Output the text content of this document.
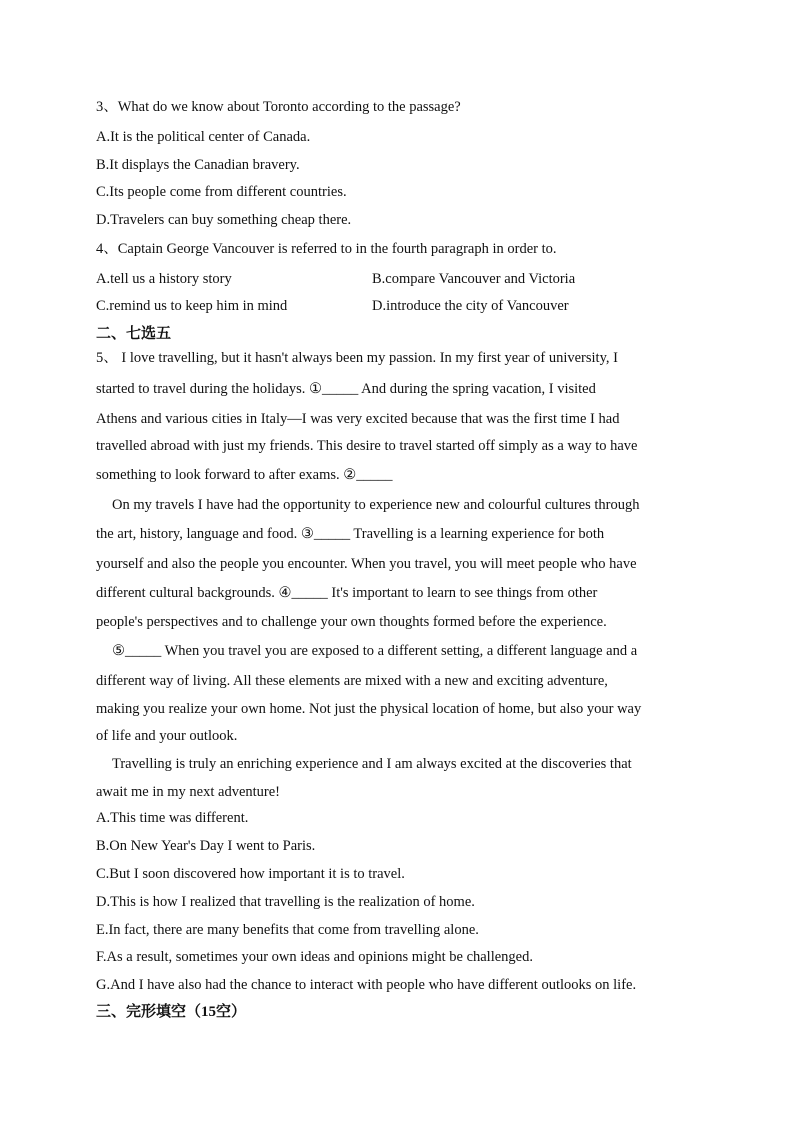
3、What do we know about Toronto according to the passage?
A.It is the political center of Canada.
B.It displays the Canadian bravery.
C.Its people come from different countries.
D.Travelers can buy something cheap there.
4、Captain George Vancouver is referred to in the fourth paragraph in order to.
A.tell us a history story	B.compare Vancouver and Victoria
C.remind us to keep him in mind	D.introduce the city of Vancouver
二、七选五
5、 I love travelling, but it hasn't always been my passion. In my first year of university, I
started to travel during the holidays. ①_____ And during the spring vacation, I visited
Athens and various cities in Italy—I was very excited because that was the first time I had
travelled abroad with just my friends. This desire to travel started off simply as a way to have
something to look forward to after exams. ②_____
On my travels I have had the opportunity to experience new and colourful cultures through
the art, history, language and food. ③_____ Travelling is a learning experience for both
yourself and also the people you encounter. When you travel, you will meet people who have
different cultural backgrounds. ④_____ It's important to learn to see things from other
people's perspectives and to challenge your own thoughts formed before the experience.
⑤_____ When you travel you are exposed to a different setting, a different language and a
different way of living. All these elements are mixed with a new and exciting adventure,
making you realize your own home. Not just the physical location of home, but also your way
of life and your outlook.
Travelling is truly an enriching experience and I am always excited at the discoveries that
await me in my next adventure!
A.This time was different.
B.On New Year's Day I went to Paris.
C.But I soon discovered how important it is to travel.
D.This is how I realized that travelling is the realization of home.
E.In fact, there are many benefits that come from travelling alone.
F.As a result, sometimes your own ideas and opinions might be challenged.
G.And I have also had the chance to interact with people who have different outlooks on life.
三、完形填空（15空）
